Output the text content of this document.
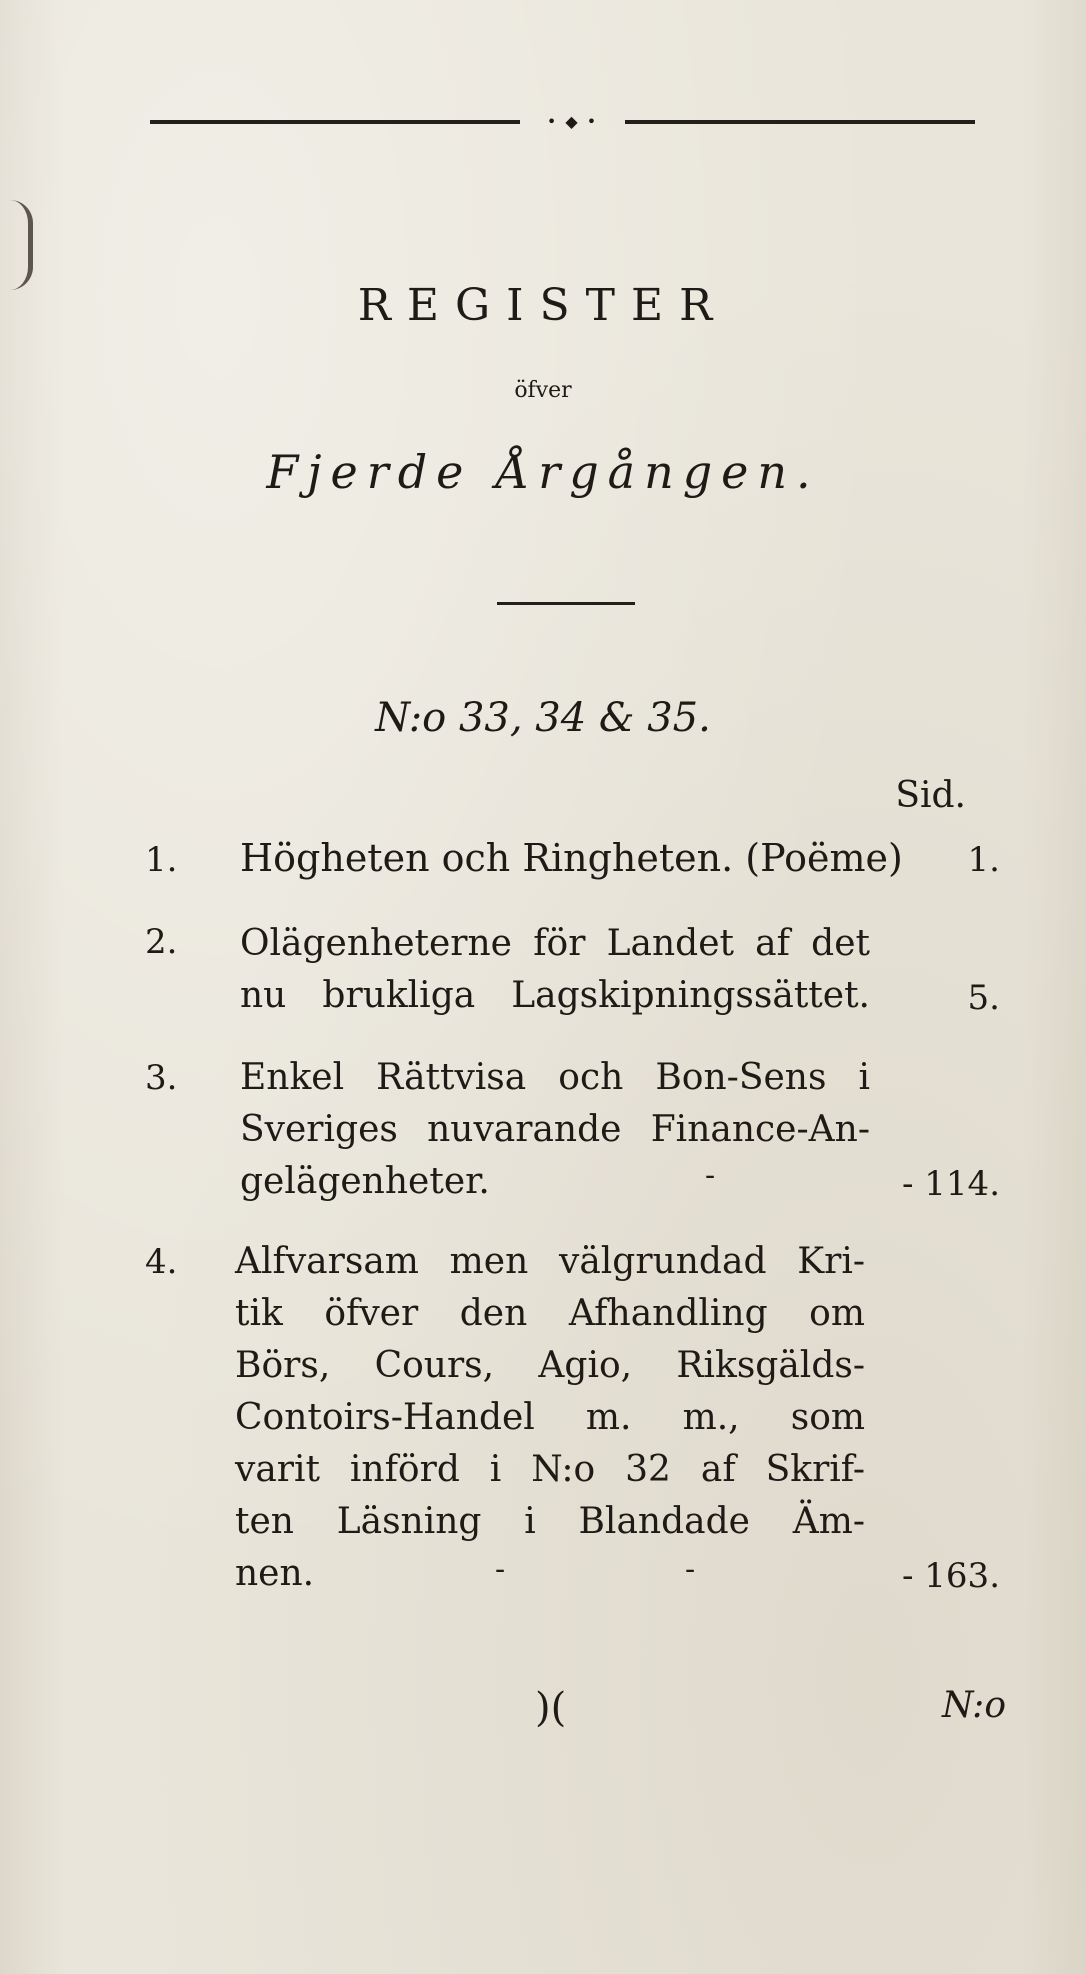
• ◆ •
REGISTER
öfver
Fjerde Årgången.
N:o 33, 34 & 35.
Sid.
1.	Högheten och Ringheten. (Poëme) 1.
2.	Olägenheterne för Landet af det
nu brukliga Lagskipningssättet.	5.
3.	Enkel Rättvisa och Bon-Sens i
Sveriges nuvarande Finance-An-
gelägenheter.	-	- 114.
4.	Alfvarsam men välgrundad Kri-
tik öfver den Afhandling om
Börs, Cours, Agio, Riksgälds-
Contoirs-Handel m. m., som
varit införd i N:o 32 af Skrif-
ten Läsning i Blandade Äm-
nen.	-	-	- 163.
)(	N:o
